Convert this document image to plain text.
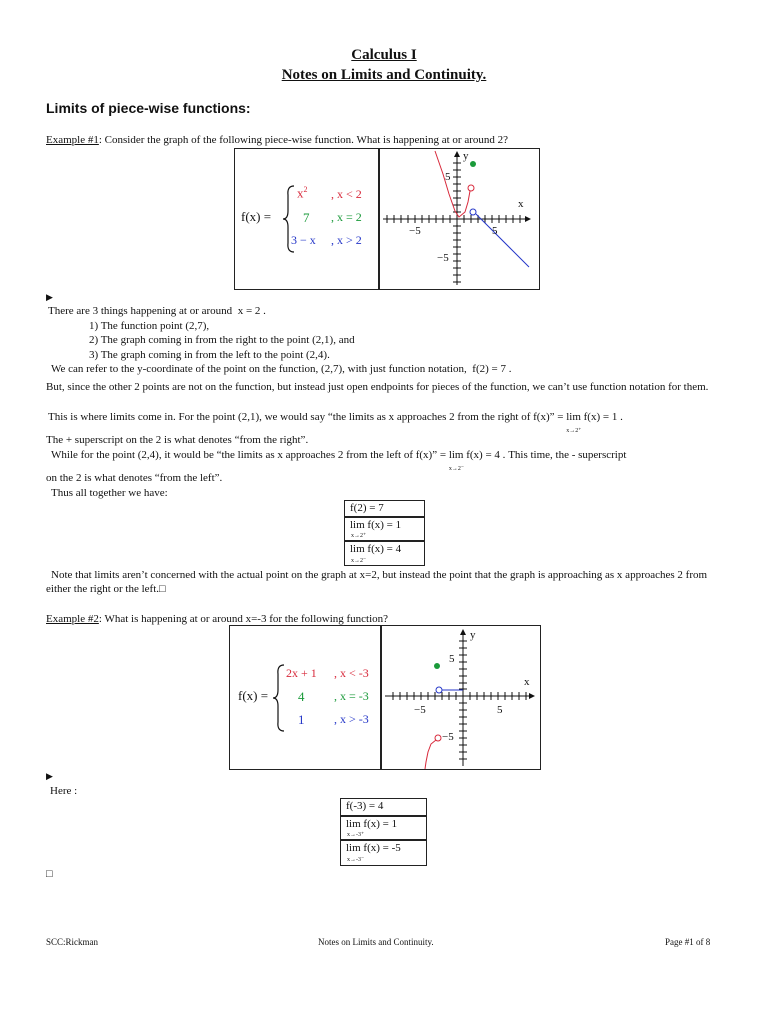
Calculus I
Notes on Limits and Continuity.
Limits of piece-wise functions:
Example #1: Consider the graph of the following piece-wise function. What is happening at or around 2?
f(x) =
$x^2$ , x < 2
7 , x = 2
3 − x , x > 2
y
x
5
−5	5
−5
▶
There are 3 things happening at or around x = 2 .
1) The function point (2,7),
2) The graph coming in from the right to the point (2,1), and
3) The graph coming in from the left to the point (2,4).
We can refer to the y-coordinate of the point on the function, (2,7), with just function notation, f(2) = 7 .
But, since the other 2 points are not on the function, but instead just open endpoints for pieces of the function, we can’t use function notation for them.
This is where limits come in. For the point (2,1), we would say “the limits as x approaches 2 from the right of f(x)” = lim f(x) = 1 .
x→2⁺
The + superscript on the 2 is what denotes “from the right”.
While for the point (2,4), it would be “the limits as x approaches 2 from the left of f(x)” = lim f(x) = 4 .
x→2⁻
This time, the - superscript
on the 2 is what denotes “from the left”.
Thus all together we have:
f(2) = 7
lim f(x) = 1
x→2⁺
lim f(x) = 4
x→2⁻
Note that limits aren’t concerned with the actual point on the graph at x=2, but instead the point that the graph is approaching as x approaches 2 from either the right or the left.□
Example #2: What is happening at or around x=-3 for the following function?
f(x) =
2x + 1 , x < -3
4 , x = -3
1 , x > -3
y
x
5
−5	5
−5
▶
Here :
f(-3) = 4
lim f(x) = 1
x→-3⁺
lim f(x) = -5
x→-3⁻
□
SCC:Rickman	Notes on Limits and Continuity.	Page #1 of 8
